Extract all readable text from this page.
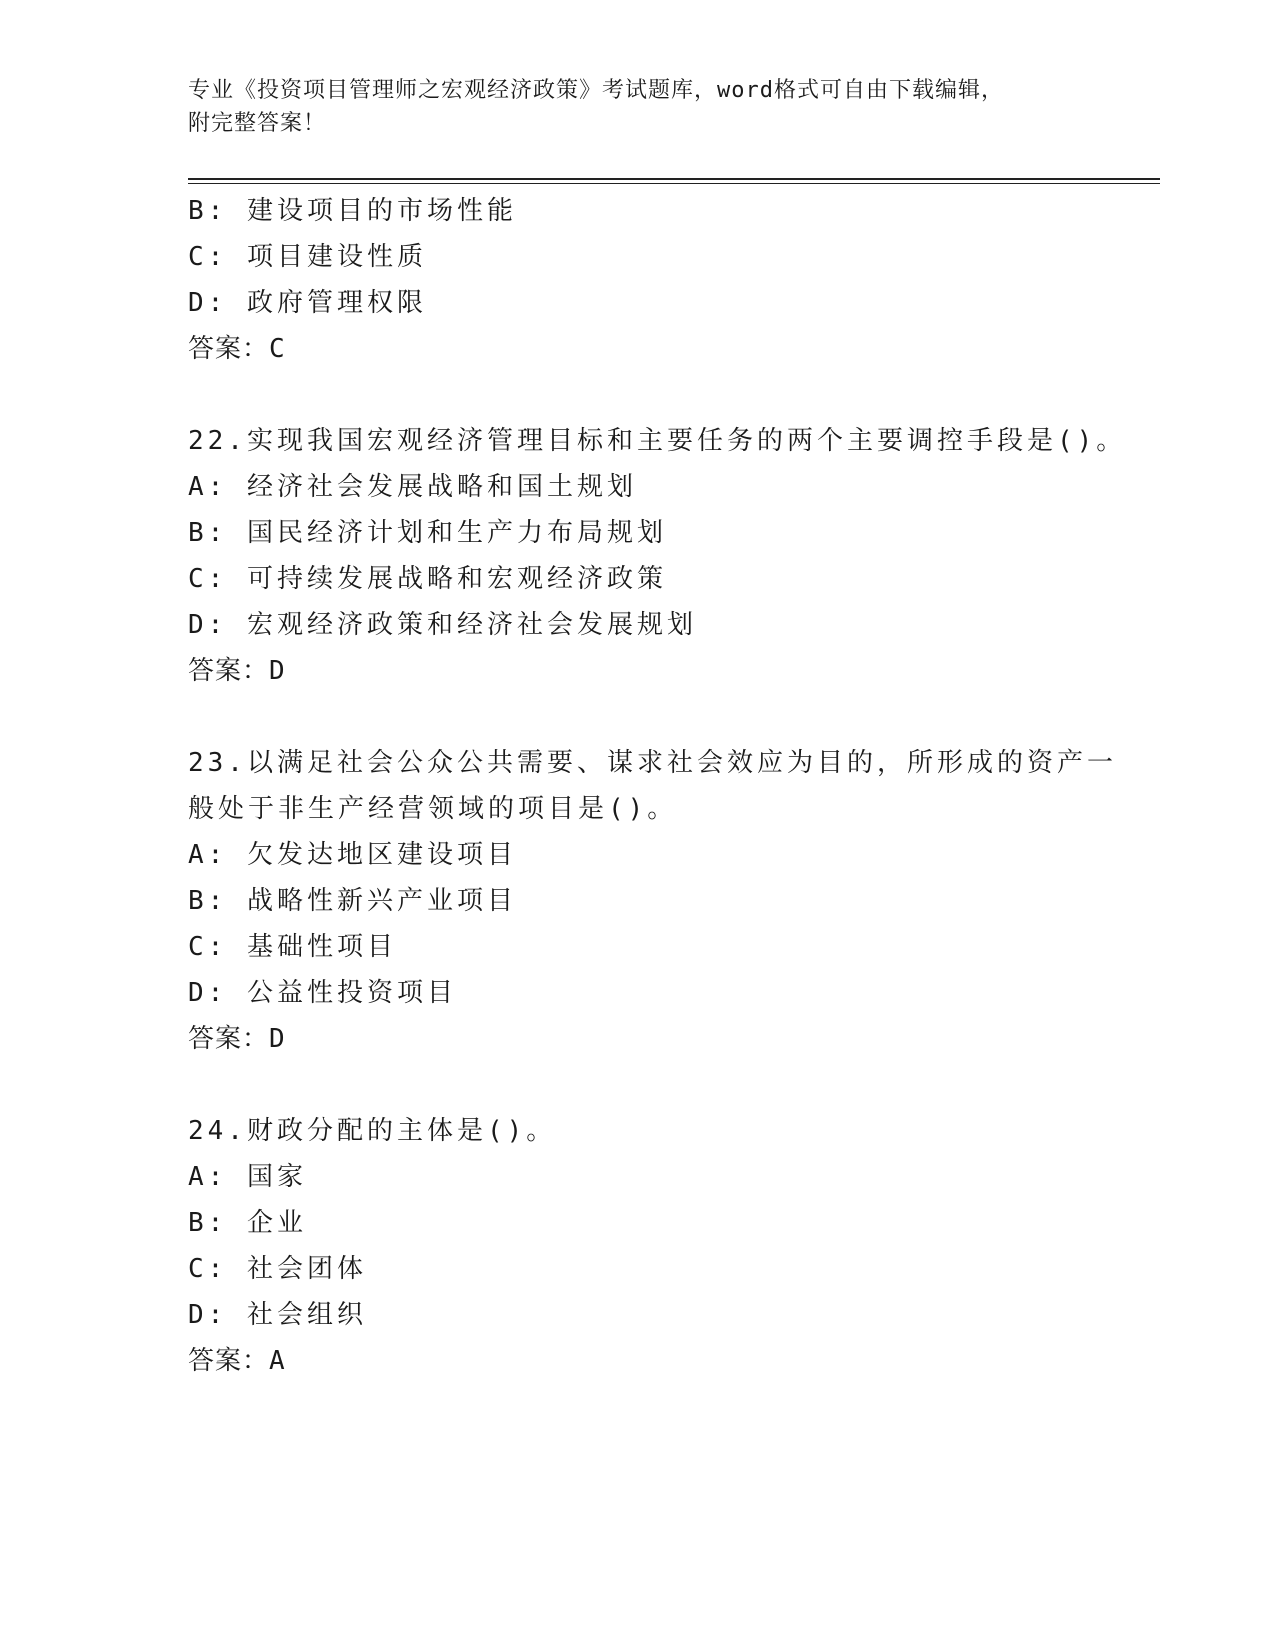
专业《投资项目管理师之宏观经济政策》考试题库，word格式可自由下载编辑，
附完整答案！
B: 建设项目的市场性能
C: 项目建设性质
D: 政府管理权限
答案：C
22.实现我国宏观经济管理目标和主要任务的两个主要调控手段是()。
A: 经济社会发展战略和国土规划
B: 国民经济计划和生产力布局规划
C: 可持续发展战略和宏观经济政策
D: 宏观经济政策和经济社会发展规划
答案：D
23.以满足社会公众公共需要、谋求社会效应为目的，所形成的资产一
般处于非生产经营领域的项目是()。
A: 欠发达地区建设项目
B: 战略性新兴产业项目
C: 基础性项目
D: 公益性投资项目
答案：D
24.财政分配的主体是()。
A: 国家
B: 企业
C: 社会团体
D: 社会组织
答案：A
